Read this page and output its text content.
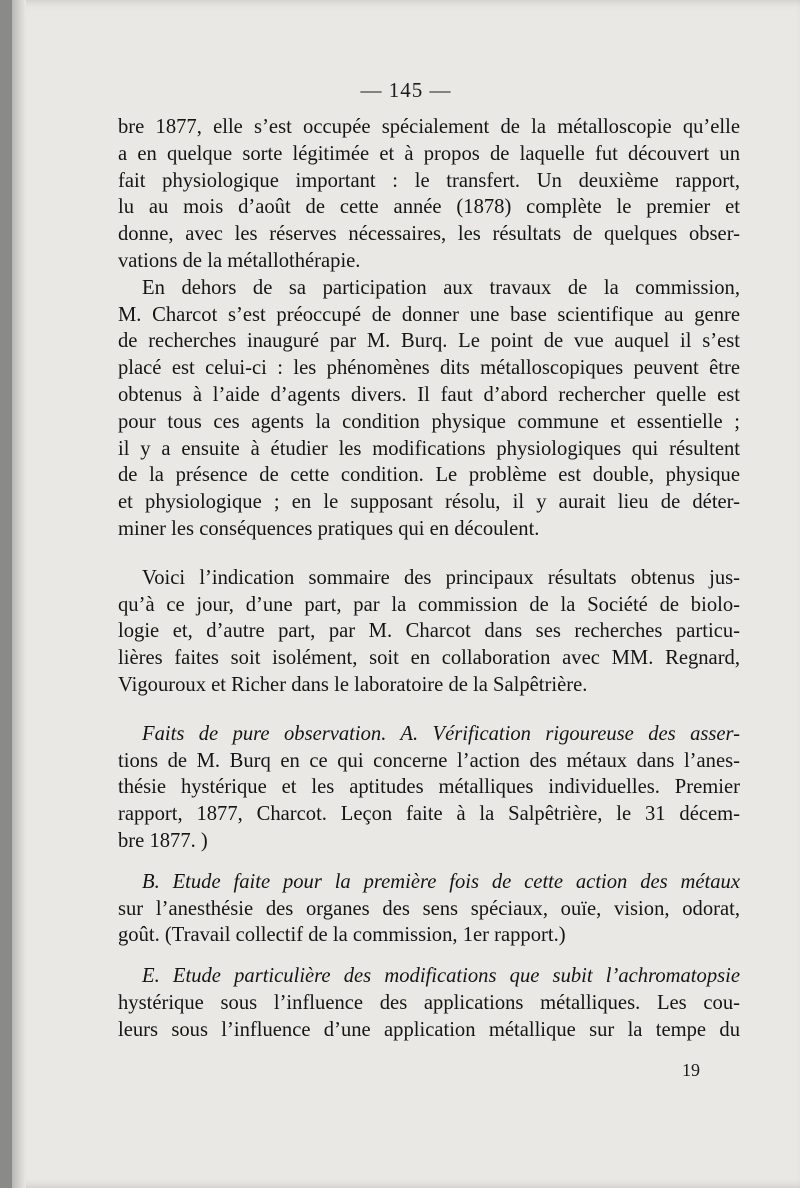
— 145 —
bre 1877, elle s’est occupée spécialement de la métalloscopie qu’elle
a en quelque sorte légitimée et à propos de laquelle fut découvert un
fait physiologique important : le transfert. Un deuxième rapport,
lu au mois d’août de cette année (1878) complète le premier et
donne, avec les réserves nécessaires, les résultats de quelques obser-
vations de la métallothérapie.
En dehors de sa participation aux travaux de la commission,
M. Charcot s’est préoccupé de donner une base scientifique au genre
de recherches inauguré par M. Burq. Le point de vue auquel il s’est
placé est celui-ci : les phénomènes dits métalloscopiques peuvent être
obtenus à l’aide d’agents divers. Il faut d’abord rechercher quelle est
pour tous ces agents la condition physique commune et essentielle ;
il y a ensuite à étudier les modifications physiologiques qui résultent
de la présence de cette condition. Le problème est double, physique
et physiologique ; en le supposant résolu, il y aurait lieu de déter-
miner les conséquences pratiques qui en découlent.
Voici l’indication sommaire des principaux résultats obtenus jus-
qu’à ce jour, d’une part, par la commission de la Société de biolo-
logie et, d’autre part, par M. Charcot dans ses recherches particu-
lières faites soit isolément, soit en collaboration avec MM. Regnard,
Vigouroux et Richer dans le laboratoire de la Salpêtrière.
Faits de pure observation. A. Vérification rigoureuse des asser-
tions de M. Burq en ce qui concerne l’action des métaux dans l’anes-
thésie hystérique et les aptitudes métalliques individuelles. Premier
rapport, 1877, Charcot. Leçon faite à la Salpêtrière, le 31 décem-
bre 1877. )
B. Etude faite pour la première fois de cette action des métaux
sur l’anesthésie des organes des sens spéciaux, ouïe, vision, odorat,
goût. (Travail collectif de la commission, 1er rapport.)
E. Etude particulière des modifications que subit l’achromatopsie
hystérique sous l’influence des applications métalliques. Les cou-
leurs sous l’influence d’une application métallique sur la tempe du
19
